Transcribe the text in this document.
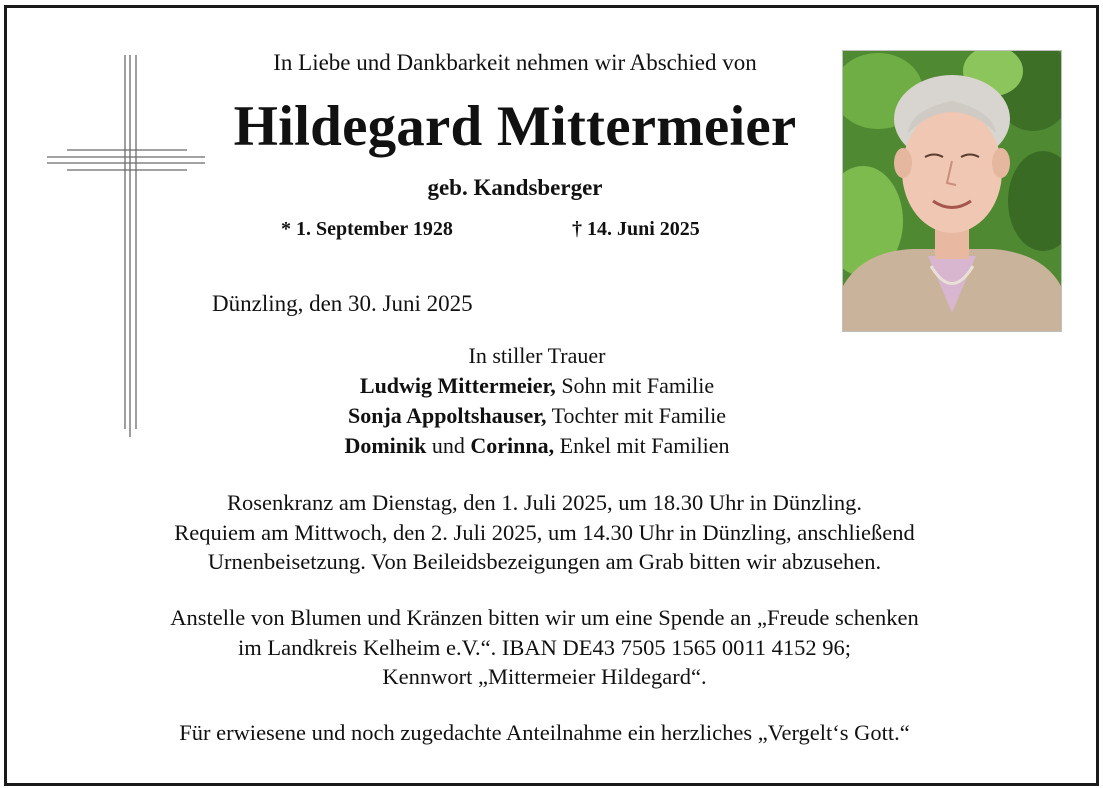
In Liebe und Dankbarkeit nehmen wir Abschied von

Hildegard Mittermeier

geb. Kandsberger

* 1. September 1928	† 14. Juni 2025

Dünzling, den 30. Juni 2025

In stiller Trauer

Ludwig Mittermeier, Sohn mit Familie

Sonja Appoltshauser, Tochter mit Familie

Dominik und Corinna, Enkel mit Familien

Rosenkranz am Dienstag, den 1. Juli 2025, um 18.30 Uhr in Dünzling.
Requiem am Mittwoch, den 2. Juli 2025, um 14.30 Uhr in Dünzling, anschließend
Urnenbeisetzung. Von Beileidsbezeigungen am Grab bitten wir abzusehen.
Anstelle von Blumen und Kränzen bitten wir um eine Spende an „Freude schenken
im Landkreis Kelheim e.V.“. IBAN DE43 7505 1565 0011 4152 96;
Kennwort „Mittermeier Hildegard“.
Für erwiesene und noch zugedachte Anteilnahme ein herzliches „Vergelt‘s Gott.“
